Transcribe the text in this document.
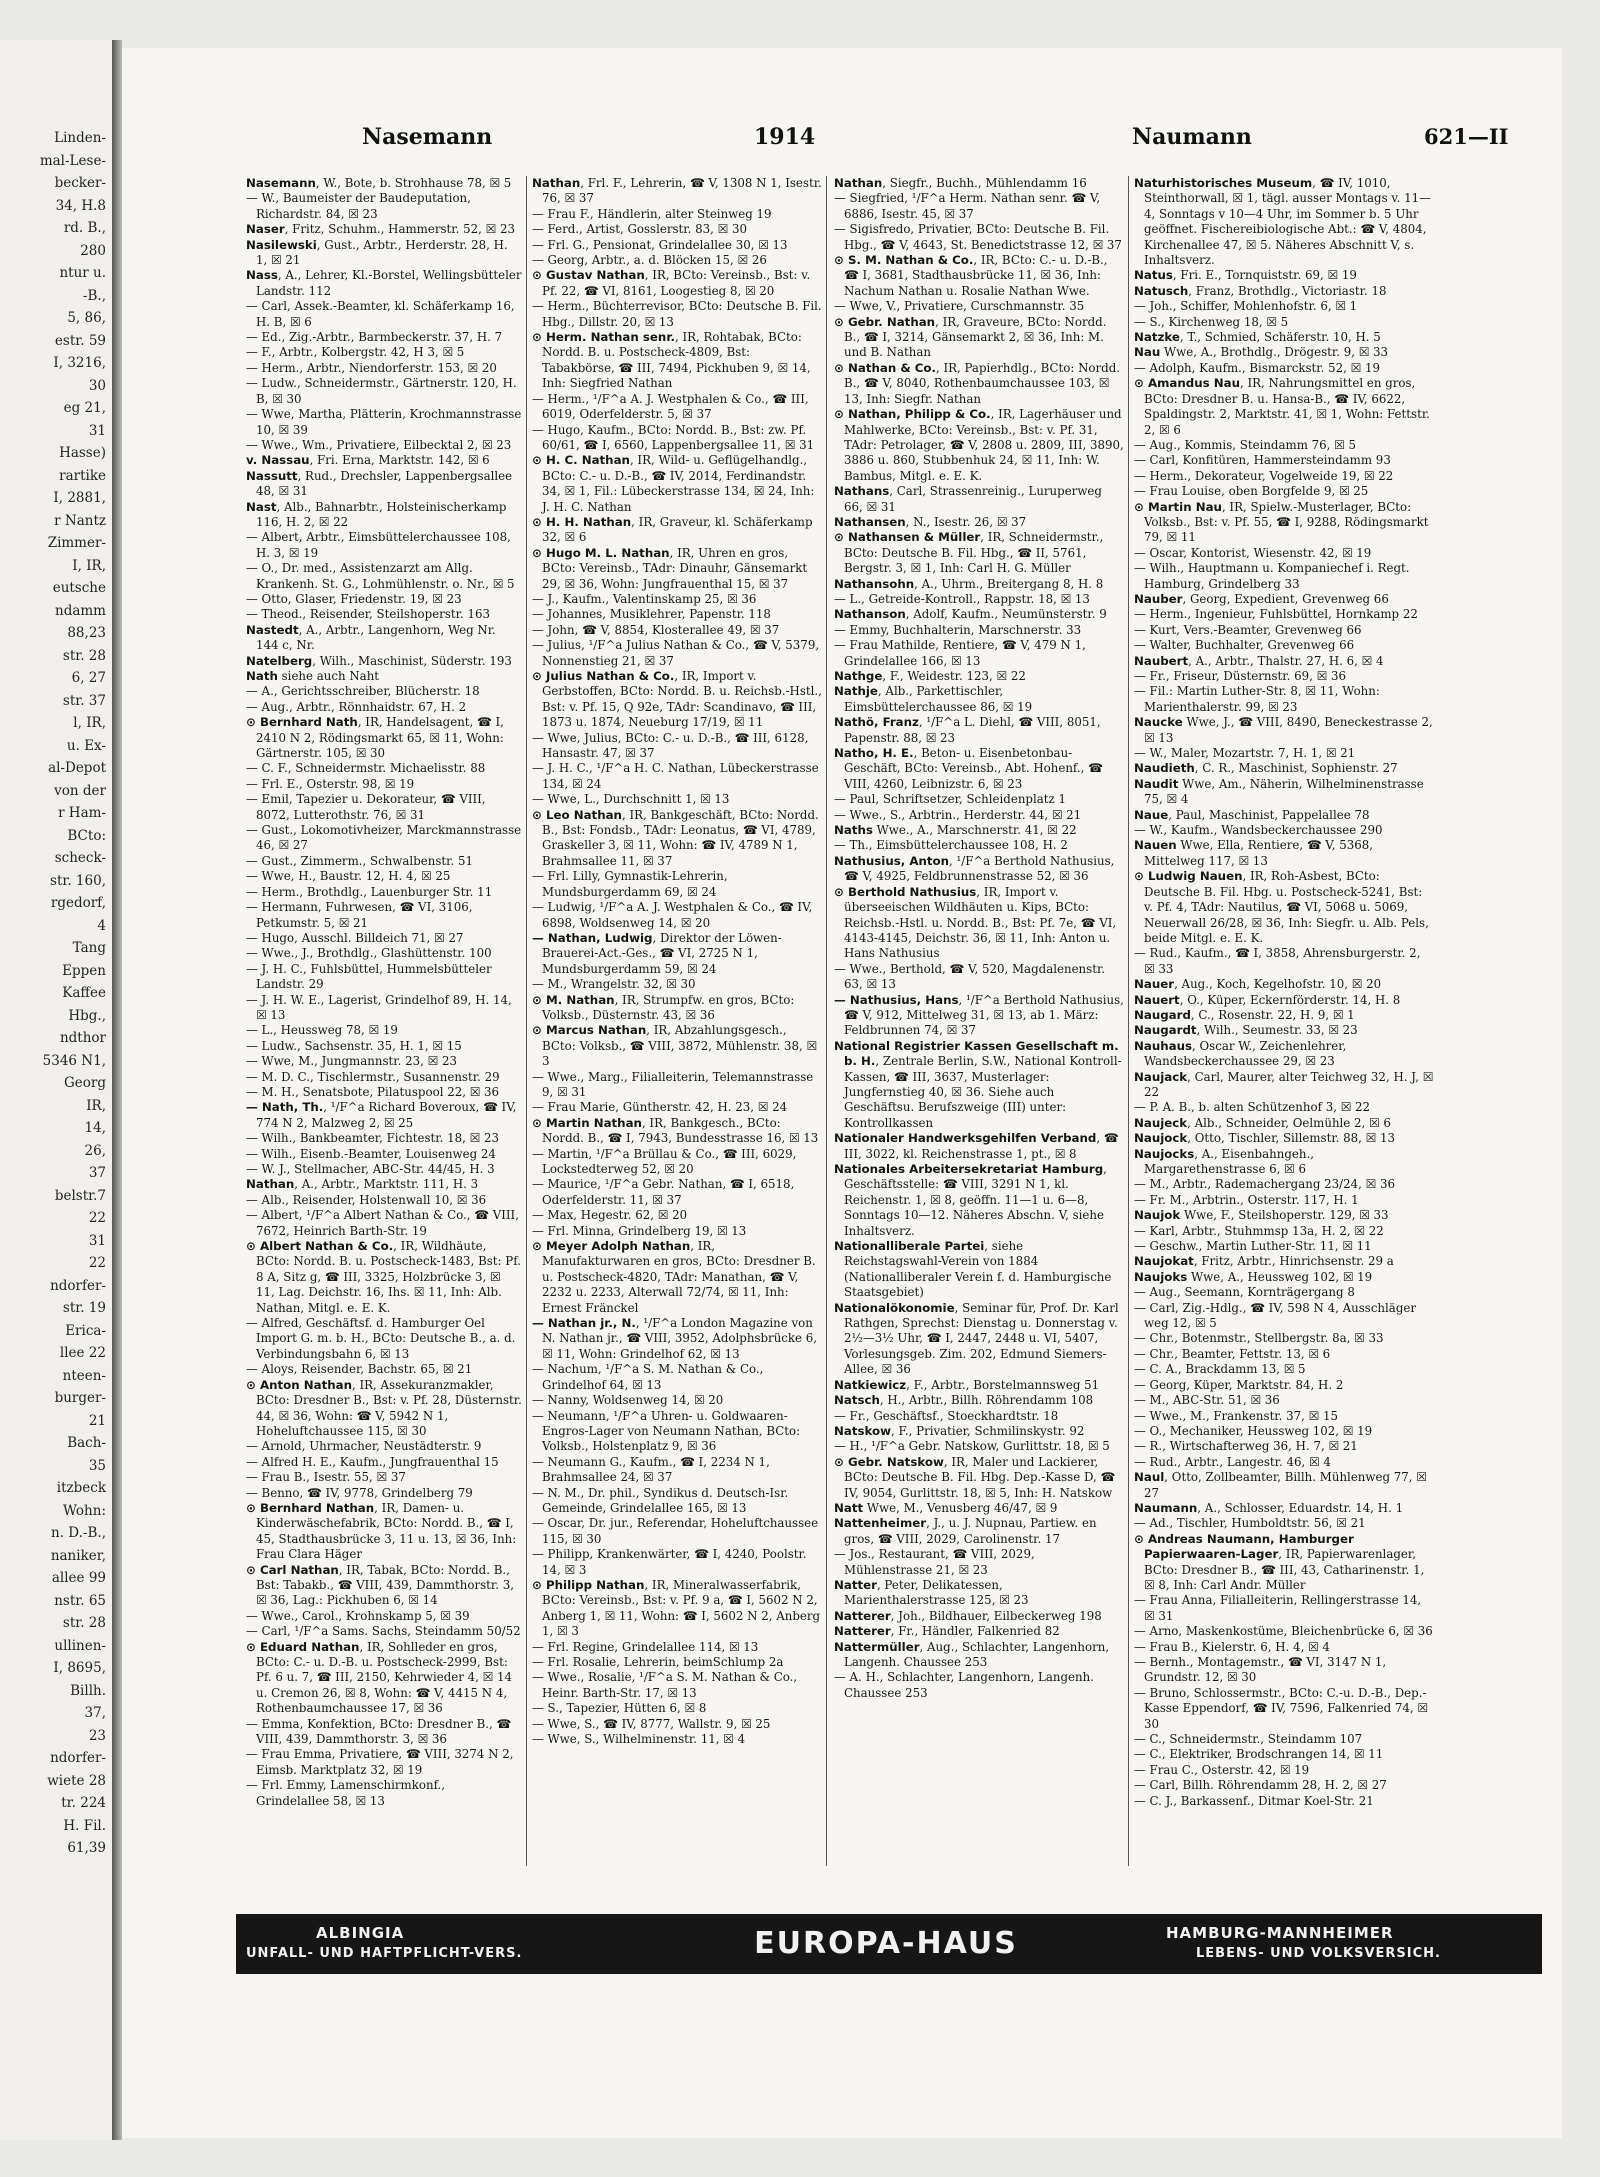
Linden-
mal-Lese-
becker-
34, H.8
rd. B.,
280
ntur u.
-B.,
5, 86,
estr. 59
I, 3216,
30
eg 21,
31
Hasse)
rartike
I, 2881,
r Nantz
Zimmer-
I, IR,
eutsche
ndamm
88,23
str. 28
6, 27
str. 37
l, IR,
u. Ex-
al-Depot
von der
r Ham-
BCto:
scheck-
str. 160,
rgedorf,
4
Tang
Eppen
Kaffee
Hbg.,
ndthor
5346 N1,
Georg
IR,
14,
26,
37
belstr.7
22
31
22
ndorfer-
str. 19
Erica-
llee 22
nteen-
burger-
21
Bach-
35
itzbeck
Wohn:
n. D.-B.,
naniker,
allee 99
nstr. 65
str. 28
ullinen-
I, 8695,
Billh.
37,
23
ndorfer-
wiete 28
tr. 224
H. Fil.
61,39
Nasemann	1914	Naumann	621—II

Nasemann, W., Bote, b. Strohhause 78, ☒ 5

— W., Baumeister der Baudeputation, Richardstr. 84, ☒ 23

Naser, Fritz, Schuhm., Hammerstr. 52, ☒ 23

Nasilewski, Gust., Arbtr., Herderstr. 28, H. 1, ☒ 21

Nass, A., Lehrer, Kl.-Borstel, Wellingsbütteler Landstr. 112

— Carl, Assek.-Beamter, kl. Schäferkamp 16, H. B, ☒ 6

— Ed., Zig.-Arbtr., Barmbeckerstr. 37, H. 7

— F., Arbtr., Kolbergstr. 42, H 3, ☒ 5

— Herm., Arbtr., Niendorferstr. 153, ☒ 20

— Ludw., Schneidermstr., Gärtnerstr. 120, H. B, ☒ 30

— Wwe, Martha, Plätterin, Krochmannstrasse 10, ☒ 39

— Wwe., Wm., Privatiere, Eilbecktal 2, ☒ 23

v. Nassau, Fri. Erna, Marktstr. 142, ☒ 6

Nassutt, Rud., Drechsler, Lappenbergsallee 48, ☒ 31

Nast, Alb., Bahnarbtr., Holsteinischerkamp 116, H. 2, ☒ 22

— Albert, Arbtr., Eimsbüttelerchaussee 108, H. 3, ☒ 19

— O., Dr. med., Assistenzarzt am Allg. Krankenh. St. G., Lohmühlenstr. o. Nr., ☒ 5

— Otto, Glaser, Friedenstr. 19, ☒ 23

— Theod., Reisender, Steilshoperstr. 163

Nastedt, A., Arbtr., Langenhorn, Weg Nr. 144 c, Nr.

Natelberg, Wilh., Maschinist, Süderstr. 193

Nath siehe auch Naht

— A., Gerichtsschreiber, Blücherstr. 18

— Aug., Arbtr., Rönnhaidstr. 67, H. 2

⊙ Bernhard Nath, IR, Handelsagent, ☎ I, 2410 N 2, Rödingsmarkt 65, ☒ 11, Wohn: Gärtnerstr. 105, ☒ 30

— C. F., Schneidermstr. Michaelisstr. 88

— Frl. E., Osterstr. 98, ☒ 19

— Emil, Tapezier u. Dekorateur, ☎ VIII, 8072, Lutterothstr. 76, ☒ 31

— Gust., Lokomotivheizer, Marckmannstrasse 46, ☒ 27

— Gust., Zimmerm., Schwalbenstr. 51

— Wwe, H., Baustr. 12, H. 4, ☒ 25

— Herm., Brothdlg., Lauenburger Str. 11

— Hermann, Fuhrwesen, ☎ VI, 3106, Petkumstr. 5, ☒ 21

— Hugo, Ausschl. Billdeich 71, ☒ 27

— Wwe., J., Brothdlg., Glashüttenstr. 100

— J. H. C., Fuhlsbüttel, Hummelsbütteler Landstr. 29

— J. H. W. E., Lagerist, Grindelhof 89, H. 14, ☒ 13

— L., Heussweg 78, ☒ 19

— Ludw., Sachsenstr. 35, H. 1, ☒ 15

— Wwe, M., Jungmannstr. 23, ☒ 23

— M. D. C., Tischlermstr., Susannenstr. 29

— M. H., Senatsbote, Pilatuspool 22, ☒ 36

— Nath, Th., ¹/F^a Richard Boveroux, ☎ IV, 774 N 2, Malzweg 2, ☒ 25

— Wilh., Bankbeamter, Fichtestr. 18, ☒ 23

— Wilh., Eisenb.-Beamter, Louisenweg 24

— W. J., Stellmacher, ABC-Str. 44/45, H. 3

Nathan, A., Arbtr., Marktstr. 111, H. 3

— Alb., Reisender, Holstenwall 10, ☒ 36

— Albert, ¹/F^a Albert Nathan & Co., ☎ VIII, 7672, Heinrich Barth-Str. 19

⊙ Albert Nathan & Co., IR, Wildhäute, BCto: Nordd. B. u. Postscheck-1483, Bst: Pf. 8 A, Sitz g, ☎ III, 3325, Holzbrücke 3, ☒ 11, Lag. Deichstr. 16, Ihs. ☒ 11, Inh: Alb. Nathan, Mitgl. e. E. K.

— Alfred, Geschäftsf. d. Hamburger Oel Import G. m. b. H., BCto: Deutsche B., a. d. Verbindungsbahn 6, ☒ 13

— Aloys, Reisender, Bachstr. 65, ☒ 21

⊙ Anton Nathan, IR, Assekuranzmakler, BCto: Dresdner B., Bst: v. Pf. 28, Düsternstr. 44, ☒ 36, Wohn: ☎ V, 5942 N 1, Hoheluftchaussee 115, ☒ 30

— Arnold, Uhrmacher, Neustädterstr. 9

— Alfred H. E., Kaufm., Jungfrauenthal 15

— Frau B., Isestr. 55, ☒ 37

— Benno, ☎ IV, 9778, Grindelberg 79

⊙ Bernhard Nathan, IR, Damen- u. Kinderwäschefabrik, BCto: Nordd. B., ☎ I, 45, Stadthausbrücke 3, 11 u. 13, ☒ 36, Inh: Frau Clara Häger

⊙ Carl Nathan, IR, Tabak, BCto: Nordd. B., Bst: Tabakb., ☎ VIII, 439, Dammthorstr. 3, ☒ 36, Lag.: Pickhuben 6, ☒ 14

— Wwe., Carol., Krohnskamp 5, ☒ 39

— Carl, ¹/F^a Sams. Sachs, Steindamm 50/52

⊙ Eduard Nathan, IR, Sohlleder en gros, BCto: C.- u. D.-B. u. Postscheck-2999, Bst: Pf. 6 u. 7, ☎ III, 2150, Kehrwieder 4, ☒ 14 u. Cremon 26, ☒ 8, Wohn: ☎ V, 4415 N 4, Rothenbaumchaussee 17, ☒ 36

— Emma, Konfektion, BCto: Dresdner B., ☎ VIII, 439, Dammthorstr. 3, ☒ 36

— Frau Emma, Privatiere, ☎ VIII, 3274 N 2, Eimsb. Marktplatz 32, ☒ 19

— Frl. Emmy, Lamenschirmkonf., Grindelallee 58, ☒ 13

Nathan, Frl. F., Lehrerin, ☎ V, 1308 N 1, Isestr. 76, ☒ 37

— Frau F., Händlerin, alter Steinweg 19

— Ferd., Artist, Gosslerstr. 83, ☒ 30

— Frl. G., Pensionat, Grindelallee 30, ☒ 13

— Georg, Arbtr., a. d. Blöcken 15, ☒ 26

⊙ Gustav Nathan, IR, BCto: Vereinsb., Bst: v. Pf. 22, ☎ VI, 8161, Loogestieg 8, ☒ 20

— Herm., Büchterrevisor, BCto: Deutsche B. Fil. Hbg., Dillstr. 20, ☒ 13

⊙ Herm. Nathan senr., IR, Rohtabak, BCto: Nordd. B. u. Postscheck-4809, Bst: Tabakbörse, ☎ III, 7494, Pickhuben 9, ☒ 14, Inh: Siegfried Nathan

— Herm., ¹/F^a A. J. Westphalen & Co., ☎ III, 6019, Oderfelderstr. 5, ☒ 37

— Hugo, Kaufm., BCto: Nordd. B., Bst: zw. Pf. 60/61, ☎ I, 6560, Lappenbergsallee 11, ☒ 31

⊙ H. C. Nathan, IR, Wild- u. Geflügelhandlg., BCto: C.- u. D.-B., ☎ IV, 2014, Ferdinandstr. 34, ☒ 1, Fil.: Lübeckerstrasse 134, ☒ 24, Inh: J. H. C. Nathan

⊙ H. H. Nathan, IR, Graveur, kl. Schäferkamp 32, ☒ 6

⊙ Hugo M. L. Nathan, IR, Uhren en gros, BCto: Vereinsb., TAdr: Dinauhr, Gänsemarkt 29, ☒ 36, Wohn: Jungfrauenthal 15, ☒ 37

— J., Kaufm., Valentinskamp 25, ☒ 36

— Johannes, Musiklehrer, Papenstr. 118

— John, ☎ V, 8854, Klosterallee 49, ☒ 37

— Julius, ¹/F^a Julius Nathan & Co., ☎ V, 5379, Nonnenstieg 21, ☒ 37

⊙ Julius Nathan & Co., IR, Import v. Gerbstoffen, BCto: Nordd. B. u. Reichsb.-Hstl., Bst: v. Pf. 15, Q 92e, TAdr: Scandinavo, ☎ III, 1873 u. 1874, Neueburg 17/19, ☒ 11

— Wwe, Julius, BCto: C.- u. D.-B., ☎ III, 6128, Hansastr. 47, ☒ 37

— J. H. C., ¹/F^a H. C. Nathan, Lübeckerstrasse 134, ☒ 24

— Wwe, L., Durchschnitt 1, ☒ 13

⊙ Leo Nathan, IR, Bankgeschäft, BCto: Nordd. B., Bst: Fondsb., TAdr: Leonatus, ☎ VI, 4789, Graskeller 3, ☒ 11, Wohn: ☎ IV, 4789 N 1, Brahmsallee 11, ☒ 37

— Frl. Lilly, Gymnastik-Lehrerin, Mundsburgerdamm 69, ☒ 24

— Ludwig, ¹/F^a A. J. Westphalen & Co., ☎ IV, 6898, Woldsenweg 14, ☒ 20

— Nathan, Ludwig, Direktor der Löwen-Brauerei-Act.-Ges., ☎ VI, 2725 N 1, Mundsburgerdamm 59, ☒ 24

— M., Wrangelstr. 32, ☒ 30

⊙ M. Nathan, IR, Strumpfw. en gros, BCto: Volksb., Düsternstr. 43, ☒ 36

⊙ Marcus Nathan, IR, Abzahlungsgesch., BCto: Volksb., ☎ VIII, 3872, Mühlenstr. 38, ☒ 3

— Wwe., Marg., Filialleiterin, Telemannstrasse 9, ☒ 31

— Frau Marie, Güntherstr. 42, H. 23, ☒ 24

⊙ Martin Nathan, IR, Bankgesch., BCto: Nordd. B., ☎ I, 7943, Bundesstrasse 16, ☒ 13

— Martin, ¹/F^a Brüllau & Co., ☎ III, 6029, Lockstedterweg 52, ☒ 20

— Maurice, ¹/F^a Gebr. Nathan, ☎ I, 6518, Oderfelderstr. 11, ☒ 37

— Max, Hegestr. 62, ☒ 20

— Frl. Minna, Grindelberg 19, ☒ 13

⊙ Meyer Adolph Nathan, IR, Manufakturwaren en gros, BCto: Dresdner B. u. Postscheck-4820, TAdr: Manathan, ☎ V, 2232 u. 2233, Alterwall 72/74, ☒ 11, Inh: Ernest Fränckel

— Nathan jr., N., ¹/F^a London Magazine von N. Nathan jr., ☎ VIII, 3952, Adolphsbrücke 6, ☒ 11, Wohn: Grindelhof 62, ☒ 13

— Nachum, ¹/F^a S. M. Nathan & Co., Grindelhof 64, ☒ 13

— Nanny, Woldsenweg 14, ☒ 20

— Neumann, ¹/F^a Uhren- u. Goldwaaren-Engros-Lager von Neumann Nathan, BCto: Volksb., Holstenplatz 9, ☒ 36

— Neumann G., Kaufm., ☎ I, 2234 N 1, Brahmsallee 24, ☒ 37

— N. M., Dr. phil., Syndikus d. Deutsch-Isr. Gemeinde, Grindelallee 165, ☒ 13

— Oscar, Dr. jur., Referendar, Hoheluftchaussee 115, ☒ 30

— Philipp, Krankenwärter, ☎ I, 4240, Poolstr. 14, ☒ 3

⊙ Philipp Nathan, IR, Mineralwasserfabrik, BCto: Vereinsb., Bst: v. Pf. 9 a, ☎ I, 5602 N 2, Anberg 1, ☒ 11, Wohn: ☎ I, 5602 N 2, Anberg 1, ☒ 3

— Frl. Regine, Grindelallee 114, ☒ 13

— Frl. Rosalie, Lehrerin, beimSchlump 2a

— Wwe., Rosalie, ¹/F^a S. M. Nathan & Co., Heinr. Barth-Str. 17, ☒ 13

— S., Tapezier, Hütten 6, ☒ 8

— Wwe, S., ☎ IV, 8777, Wallstr. 9, ☒ 25

— Wwe, S., Wilhelminenstr. 11, ☒ 4

Nathan, Siegfr., Buchh., Mühlendamm 16

— Siegfried, ¹/F^a Herm. Nathan senr. ☎ V, 6886, Isestr. 45, ☒ 37

— Sigisfredo, Privatier, BCto: Deutsche B. Fil. Hbg., ☎ V, 4643, St. Benedictstrasse 12, ☒ 37

⊙ S. M. Nathan & Co., IR, BCto: C.- u. D.-B., ☎ I, 3681, Stadthausbrücke 11, ☒ 36, Inh: Nachum Nathan u. Rosalie Nathan Wwe.

— Wwe, V., Privatiere, Curschmannstr. 35

⊙ Gebr. Nathan, IR, Graveure, BCto: Nordd. B., ☎ I, 3214, Gänsemarkt 2, ☒ 36, Inh: M. und B. Nathan

⊙ Nathan & Co., IR, Papierhdlg., BCto: Nordd. B., ☎ V, 8040, Rothenbaumchaussee 103, ☒ 13, Inh: Siegfr. Nathan

⊙ Nathan, Philipp & Co., IR, Lagerhäuser und Mahlwerke, BCto: Vereinsb., Bst: v. Pf. 31, TAdr: Petrolager, ☎ V, 2808 u. 2809, III, 3890, 3886 u. 860, Stubbenhuk 24, ☒ 11, Inh: W. Bambus, Mitgl. e. E. K.

Nathans, Carl, Strassenreinig., Luruperweg 66, ☒ 31

Nathansen, N., Isestr. 26, ☒ 37

⊙ Nathansen & Müller, IR, Schneidermstr., BCto: Deutsche B. Fil. Hbg., ☎ II, 5761, Bergstr. 3, ☒ 1, Inh: Carl H. G. Müller

Nathansohn, A., Uhrm., Breitergang 8, H. 8

— L., Getreide-Kontroll., Rappstr. 18, ☒ 13

Nathanson, Adolf, Kaufm., Neumünsterstr. 9

— Emmy, Buchhalterin, Marschnerstr. 33

— Frau Mathilde, Rentiere, ☎ V, 479 N 1, Grindelallee 166, ☒ 13

Nathge, F., Weidestr. 123, ☒ 22

Nathje, Alb., Parkettischler, Eimsbüttelerchaussee 86, ☒ 19

Nathö, Franz, ¹/F^a L. Diehl, ☎ VIII, 8051, Papenstr. 88, ☒ 23

Natho, H. E., Beton- u. Eisenbetonbau-Geschäft, BCto: Vereinsb., Abt. Hohenf., ☎ VIII, 4260, Leibnizstr. 6, ☒ 23

— Paul, Schriftsetzer, Schleidenplatz 1

— Wwe., S., Arbtrin., Herderstr. 44, ☒ 21

Naths Wwe., A., Marschnerstr. 41, ☒ 22

— Th., Eimsbüttelerchaussee 108, H. 2

Nathusius, Anton, ¹/F^a Berthold Nathusius, ☎ V, 4925, Feldbrunnenstrasse 52, ☒ 36

⊙ Berthold Nathusius, IR, Import v. überseeischen Wildhäuten u. Kips, BCto: Reichsb.-Hstl. u. Nordd. B., Bst: Pf. 7e, ☎ VI, 4143-4145, Deichstr. 36, ☒ 11, Inh: Anton u. Hans Nathusius

— Wwe., Berthold, ☎ V, 520, Magdalenenstr. 63, ☒ 13

— Nathusius, Hans, ¹/F^a Berthold Nathusius, ☎ V, 912, Mittelweg 31, ☒ 13, ab 1. März: Feldbrunnen 74, ☒ 37

National Registrier Kassen Gesellschaft m. b. H., Zentrale Berlin, S.W., National Kontroll-Kassen, ☎ III, 3637, Musterlager: Jungfernstieg 40, ☒ 36. Siehe auch Geschäftsu. Berufszweige (III) unter: Kontrollkassen

Nationaler Handwerksgehilfen Verband, ☎ III, 3022, kl. Reichenstrasse 1, pt., ☒ 8

Nationales Arbeitersekretariat Hamburg, Geschäftsstelle: ☎ VIII, 3291 N 1, kl. Reichenstr. 1, ☒ 8, geöffn. 11—1 u. 6—8, Sonntags 10—12. Näheres Abschn. V, siehe Inhaltsverz.

Nationalliberale Partei, siehe Reichstagswahl-Verein von 1884 (Nationalliberaler Verein f. d. Hamburgische Staatsgebiet)

Nationalökonomie, Seminar für, Prof. Dr. Karl Rathgen, Sprechst: Dienstag u. Donnerstag v. 2½—3½ Uhr, ☎ I, 2447, 2448 u. VI, 5407, Vorlesungsgeb. Zim. 202, Edmund Siemers-Allee, ☒ 36

Natkiewicz, F., Arbtr., Borstelmannsweg 51

Natsch, H., Arbtr., Billh. Röhrendamm 108

— Fr., Geschäftsf., Stoeckhardtstr. 18

Natskow, F., Privatier, Schmilinskystr. 92

— H., ¹/F^a Gebr. Natskow, Gurlittstr. 18, ☒ 5

⊙ Gebr. Natskow, IR, Maler und Lackierer, BCto: Deutsche B. Fil. Hbg. Dep.-Kasse D, ☎ IV, 9054, Gurlittstr. 18, ☒ 5, Inh: H. Natskow

Natt Wwe, M., Venusberg 46/47, ☒ 9

Nattenheimer, J., u. J. Nupnau, Partiew. en gros, ☎ VIII, 2029, Carolinenstr. 17

— Jos., Restaurant, ☎ VIII, 2029, Mühlenstrasse 21, ☒ 23

Natter, Peter, Delikatessen, Marienthalerstrasse 125, ☒ 23

Natterer, Joh., Bildhauer, Eilbeckerweg 198

Natterer, Fr., Händler, Falkenried 82

Nattermüller, Aug., Schlachter, Langenhorn, Langenh. Chaussee 253

— A. H., Schlachter, Langenhorn, Langenh. Chaussee 253

Naturhistorisches Museum, ☎ IV, 1010, Steinthorwall, ☒ 1, tägl. ausser Montags v. 11—4, Sonntags v 10—4 Uhr, im Sommer b. 5 Uhr geöffnet. Fischereibiologische Abt.: ☎ V, 4804, Kirchenallee 47, ☒ 5. Näheres Abschnitt V, s. Inhaltsverz.

Natus, Fri. E., Tornquiststr. 69, ☒ 19

Natusch, Franz, Brothdlg., Victoriastr. 18

— Joh., Schiffer, Mohlenhofstr. 6, ☒ 1

— S., Kirchenweg 18, ☒ 5

Natzke, T., Schmied, Schäferstr. 10, H. 5

Nau Wwe, A., Brothdlg., Drögestr. 9, ☒ 33

— Adolph, Kaufm., Bismarckstr. 52, ☒ 19

⊙ Amandus Nau, IR, Nahrungsmittel en gros, BCto: Dresdner B. u. Hansa-B., ☎ IV, 6622, Spaldingstr. 2, Marktstr. 41, ☒ 1, Wohn: Fettstr. 2, ☒ 6

— Aug., Kommis, Steindamm 76, ☒ 5

— Carl, Konfitüren, Hammersteindamm 93

— Herm., Dekorateur, Vogelweide 19, ☒ 22

— Frau Louise, oben Borgfelde 9, ☒ 25

⊙ Martin Nau, IR, Spielw.-Musterlager, BCto: Volksb., Bst: v. Pf. 55, ☎ I, 9288, Rödingsmarkt 79, ☒ 11

— Oscar, Kontorist, Wiesenstr. 42, ☒ 19

— Wilh., Hauptmann u. Kompaniechef i. Regt. Hamburg, Grindelberg 33

Nauber, Georg, Expedient, Grevenweg 66

— Herm., Ingenieur, Fuhlsbüttel, Hornkamp 22

— Kurt, Vers.-Beamter, Grevenweg 66

— Walter, Buchhalter, Grevenweg 66

Naubert, A., Arbtr., Thalstr. 27, H. 6, ☒ 4

— Fr., Friseur, Düsternstr. 69, ☒ 36

— Fil.: Martin Luther-Str. 8, ☒ 11, Wohn: Marienthalerstr. 99, ☒ 23

Naucke Wwe, J., ☎ VIII, 8490, Beneckestrasse 2, ☒ 13

— W., Maler, Mozartstr. 7, H. 1, ☒ 21

Naudieth, C. R., Maschinist, Sophienstr. 27

Naudit Wwe, Am., Näherin, Wilhelminenstrasse 75, ☒ 4

Naue, Paul, Maschinist, Pappelallee 78

— W., Kaufm., Wandsbeckerchaussee 290

Nauen Wwe, Ella, Rentiere, ☎ V, 5368, Mittelweg 117, ☒ 13

⊙ Ludwig Nauen, IR, Roh-Asbest, BCto: Deutsche B. Fil. Hbg. u. Postscheck-5241, Bst: v. Pf. 4, TAdr: Nautilus, ☎ VI, 5068 u. 5069, Neuerwall 26/28, ☒ 36, Inh: Siegfr. u. Alb. Pels, beide Mitgl. e. E. K.

— Rud., Kaufm., ☎ I, 3858, Ahrensburgerstr. 2, ☒ 33

Nauer, Aug., Koch, Kegelhofstr. 10, ☒ 20

Nauert, O., Küper, Eckernförderstr. 14, H. 8

Naugard, C., Rosenstr. 22, H. 9, ☒ 1

Naugardt, Wilh., Seumestr. 33, ☒ 23

Nauhaus, Oscar W., Zeichenlehrer, Wandsbeckerchaussee 29, ☒ 23

Naujack, Carl, Maurer, alter Teichweg 32, H. J, ☒ 22

— P. A. B., b. alten Schützenhof 3, ☒ 22

Naujeck, Alb., Schneider, Oelmühle 2, ☒ 6

Naujock, Otto, Tischler, Sillemstr. 88, ☒ 13

Naujocks, A., Eisenbahngeh., Margarethenstrasse 6, ☒ 6

— M., Arbtr., Rademachergang 23/24, ☒ 36

— Fr. M., Arbtrin., Osterstr. 117, H. 1

Naujok Wwe, F., Steilshoperstr. 129, ☒ 33

— Karl, Arbtr., Stuhmmsp 13a, H. 2, ☒ 22

— Geschw., Martin Luther-Str. 11, ☒ 11

Naujokat, Fritz, Arbtr., Hinrichsenstr. 29 a

Naujoks Wwe, A., Heussweg 102, ☒ 19

— Aug., Seemann, Kornträgergang 8

— Carl, Zig.-Hdlg., ☎ IV, 598 N 4, Ausschläger weg 12, ☒ 5

— Chr., Botenmstr., Stellbergstr. 8a, ☒ 33

— Chr., Beamter, Fettstr. 13, ☒ 6

— C. A., Brackdamm 13, ☒ 5

— Georg, Küper, Marktstr. 84, H. 2

— M., ABC-Str. 51, ☒ 36

— Wwe., M., Frankenstr. 37, ☒ 15

— O., Mechaniker, Heussweg 102, ☒ 19

— R., Wirtschafterweg 36, H. 7, ☒ 21

— Rud., Arbtr., Langestr. 46, ☒ 4

Naul, Otto, Zollbeamter, Billh. Mühlenweg 77, ☒ 27

Naumann, A., Schlosser, Eduardstr. 14, H. 1

— Ad., Tischler, Humboldtstr. 56, ☒ 21

⊙ Andreas Naumann, Hamburger Papierwaaren-Lager, IR, Papierwarenlager, BCto: Dresdner B., ☎ III, 43, Catharinenstr. 1, ☒ 8, Inh: Carl Andr. Müller

— Frau Anna, Filialleiterin, Rellingerstrasse 14, ☒ 31

— Arno, Maskenkostüme, Bleichenbrücke 6, ☒ 36

— Frau B., Kielerstr. 6, H. 4, ☒ 4

— Bernh., Montagemstr., ☎ VI, 3147 N 1, Grundstr. 12, ☒ 30

— Bruno, Schlossermstr., BCto: C.-u. D.-B., Dep.-Kasse Eppendorf, ☎ IV, 7596, Falkenried 74, ☒ 30

— C., Schneidermstr., Steindamm 107

— C., Elektriker, Brodschrangen 14, ☒ 11

— Frau C., Osterstr. 42, ☒ 19

— Carl, Billh. Röhrendamm 28, H. 2, ☒ 27

— C. J., Barkassenf., Ditmar Koel-Str. 21

ALBINGIA
UNFALL- UND HAFTPFLICHT-VERS.	EUROPA-HAUS	HAMBURG-MANNHEIMER
LEBENS- UND VOLKSVERSICH.
